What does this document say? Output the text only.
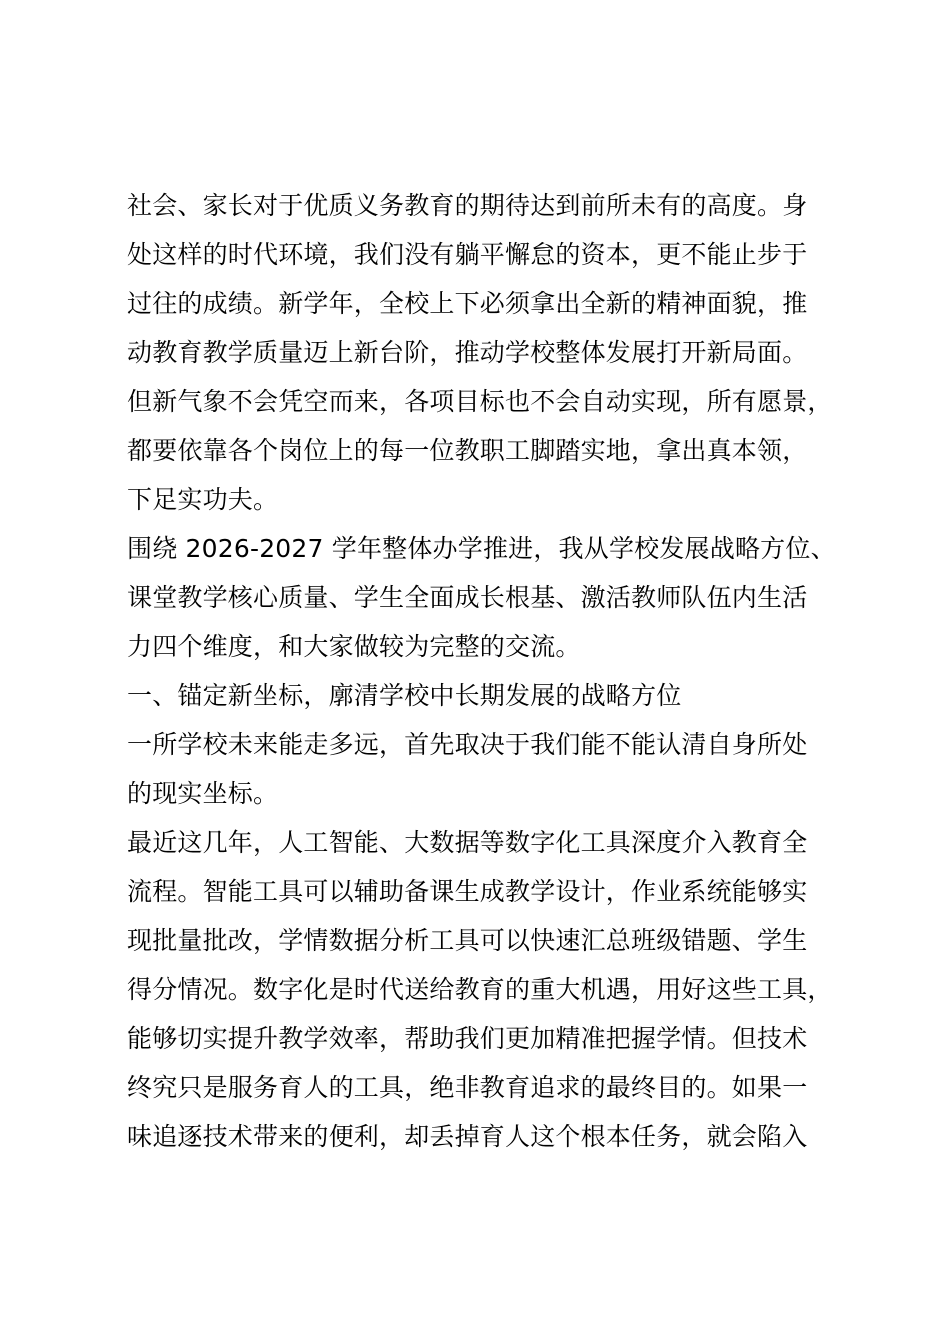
社会、家长对于优质义务教育的期待达到前所未有的高度。身
处这样的时代环境，我们没有躺平懈怠的资本，更不能止步于
过往的成绩。新学年，全校上下必须拿出全新的精神面貌，推
动教育教学质量迈上新台阶，推动学校整体发展打开新局面。
但新气象不会凭空而来，各项目标也不会自动实现，所有愿景，
都要依靠各个岗位上的每一位教职工脚踏实地，拿出真本领，
下足实功夫。
围绕 2026-2027 学年整体办学推进，我从学校发展战略方位、
课堂教学核心质量、学生全面成长根基、激活教师队伍内生活
力四个维度，和大家做较为完整的交流。
一、锚定新坐标，廓清学校中长期发展的战略方位
一所学校未来能走多远，首先取决于我们能不能认清自身所处
的现实坐标。
最近这几年，人工智能、大数据等数字化工具深度介入教育全
流程。智能工具可以辅助备课生成教学设计，作业系统能够实
现批量批改，学情数据分析工具可以快速汇总班级错题、学生
得分情况。数字化是时代送给教育的重大机遇，用好这些工具，
能够切实提升教学效率，帮助我们更加精准把握学情。但技术
终究只是服务育人的工具，绝非教育追求的最终目的。如果一
味追逐技术带来的便利，却丢掉育人这个根本任务，就会陷入
